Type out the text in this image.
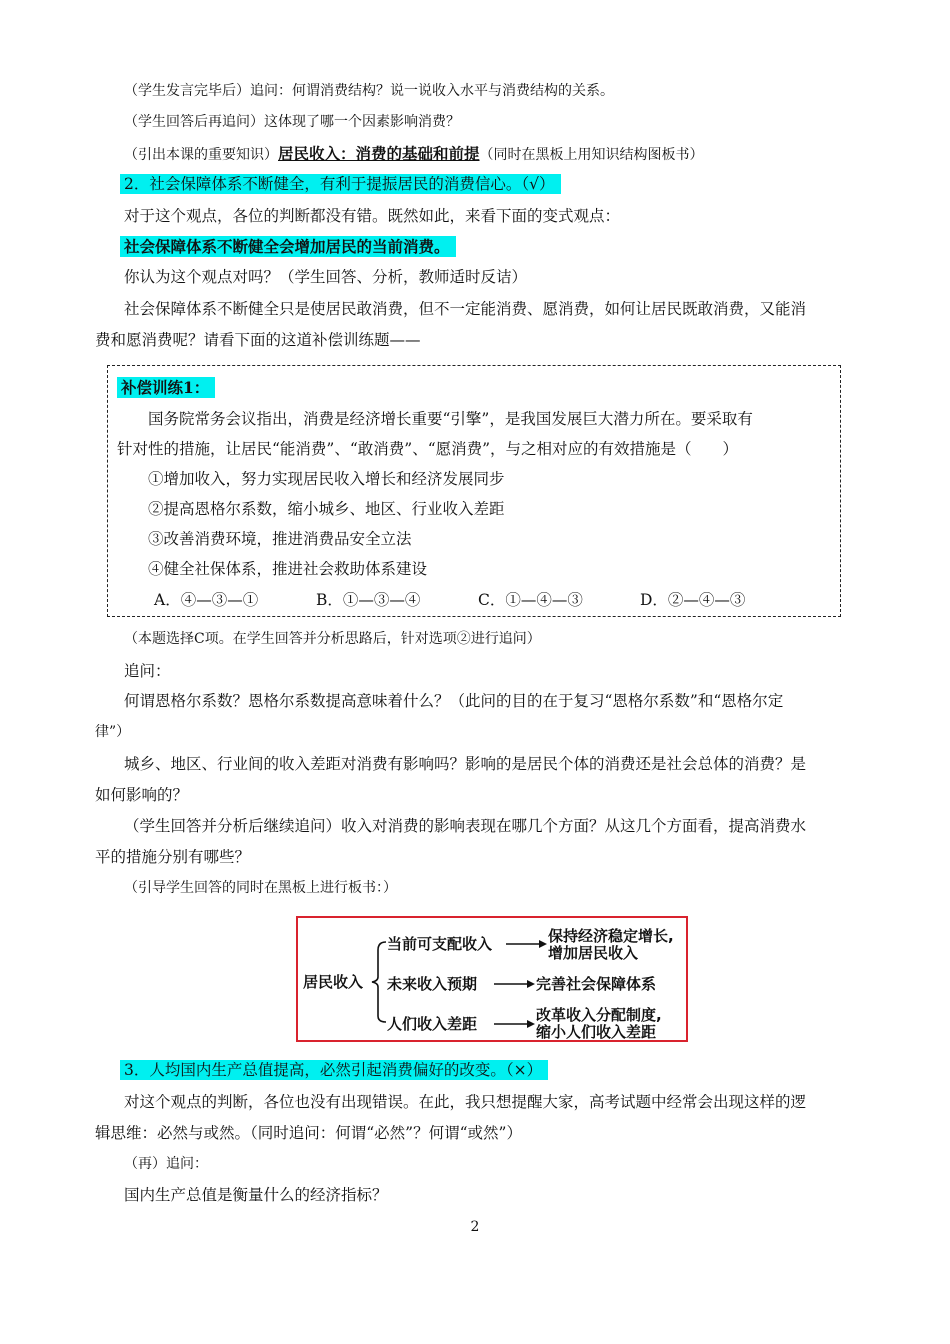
（学生发言完毕后）追问：何谓消费结构？说一说收入水平与消费结构的关系。
（学生回答后再追问）这体现了哪一个因素影响消费？
（引出本课的重要知识）居民收入：消费的基础和前提（同时在黑板上用知识结构图板书）
2．社会保障体系不断健全，有利于提振居民的消费信心。（√）
对于这个观点，各位的判断都没有错。既然如此，来看下面的变式观点：
社会保障体系不断健全会增加居民的当前消费。
你认为这个观点对吗？（学生回答、分析，教师适时反诘）
社会保障体系不断健全只是使居民敢消费，但不一定能消费、愿消费，如何让居民既敢消费，又能消
费和愿消费呢？请看下面的这道补偿训练题——
补偿训练1：
国务院常务会议指出，消费是经济增长重要“引擎”，是我国发展巨大潜力所在。要采取有
针对性的措施，让居民“能消费”、“敢消费”、“愿消费”，与之相对应的有效措施是（　　）
①增加收入，努力实现居民收入增长和经济发展同步
②提高恩格尔系数，缩小城乡、地区、行业收入差距
③改善消费环境，推进消费品安全立法
④健全社保体系，推进社会救助体系建设
A．④—③—①	B．①—③—④	C．①—④—③	D．②—④—③
（本题选择C项。在学生回答并分析思路后，针对选项②进行追问）
追问：
何谓恩格尔系数？恩格尔系数提高意味着什么？（此问的目的在于复习“恩格尔系数”和“恩格尔定
律”）
城乡、地区、行业间的收入差距对消费有影响吗？影响的是居民个体的消费还是社会总体的消费？是
如何影响的？
（学生回答并分析后继续追问）收入对消费的影响表现在哪几个方面？从这几个方面看，提高消费水
平的措施分别有哪些？
（引导学生回答的同时在黑板上进行板书：）
居民收入
当前可支配收入	保持经济稳定增长,
增加居民收入
未来收入预期	完善社会保障体系
人们收入差距	改革收入分配制度,
缩小人们收入差距
3．人均国内生产总值提高，必然引起消费偏好的改变。（×）
对这个观点的判断，各位也没有出现错误。在此，我只想提醒大家，高考试题中经常会出现这样的逻
辑思维：必然与或然。（同时追问：何谓“必然”？何谓“或然”）
（再）追问：
国内生产总值是衡量什么的经济指标？
2
